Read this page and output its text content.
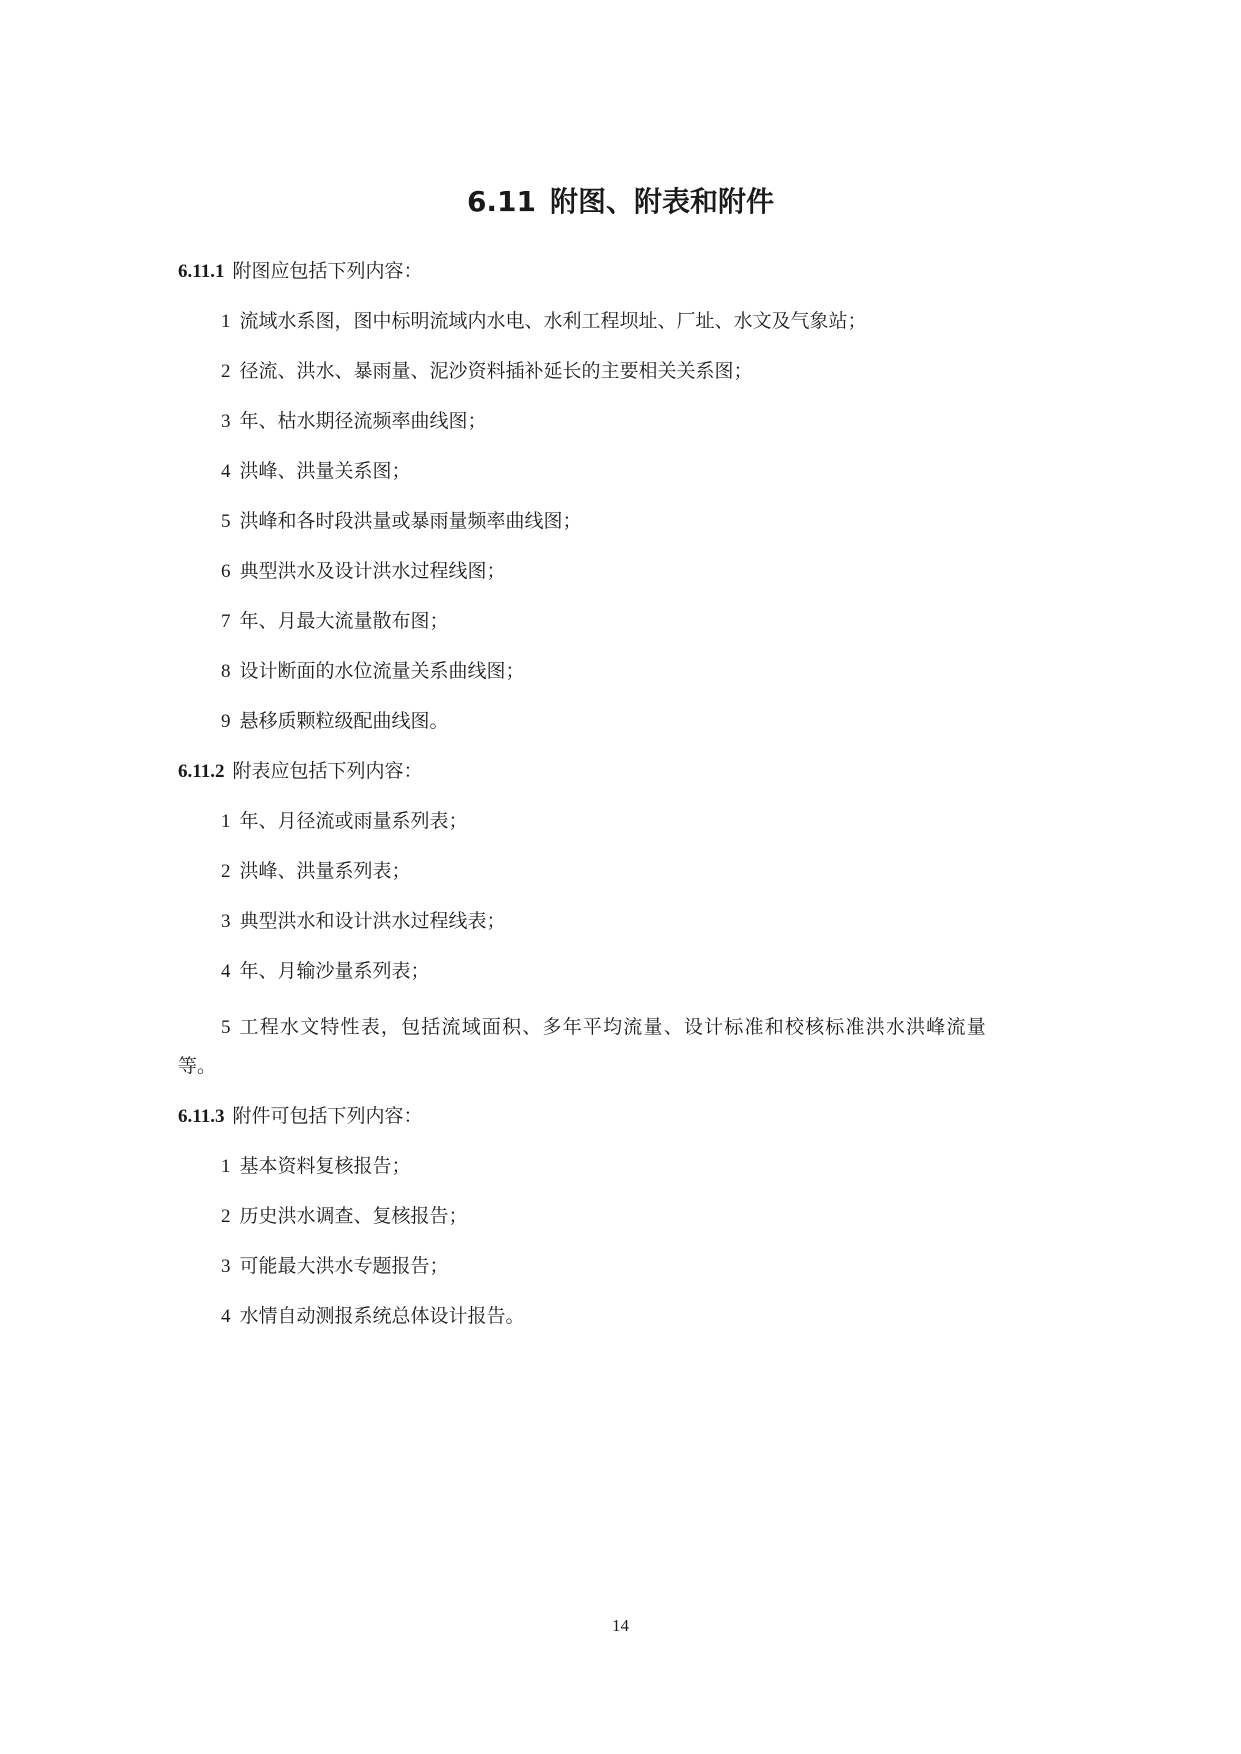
6.11 附图、附表和附件
6.11.1 附图应包括下列内容：
1 流域水系图，图中标明流域内水电、水利工程坝址、厂址、水文及气象站；
2 径流、洪水、暴雨量、泥沙资料插补延长的主要相关关系图；
3 年、枯水期径流频率曲线图；
4 洪峰、洪量关系图；
5 洪峰和各时段洪量或暴雨量频率曲线图；
6 典型洪水及设计洪水过程线图；
7 年、月最大流量散布图；
8 设计断面的水位流量关系曲线图；
9 悬移质颗粒级配曲线图。
6.11.2 附表应包括下列内容：
1 年、月径流或雨量系列表；
2 洪峰、洪量系列表；
3 典型洪水和设计洪水过程线表；
4 年、月输沙量系列表；
5 工程水文特性表，包括流域面积、多年平均流量、设计标准和校核标准洪水洪峰流量
等。
6.11.3 附件可包括下列内容：
1 基本资料复核报告；
2 历史洪水调查、复核报告；
3 可能最大洪水专题报告；
4 水情自动测报系统总体设计报告。
14
